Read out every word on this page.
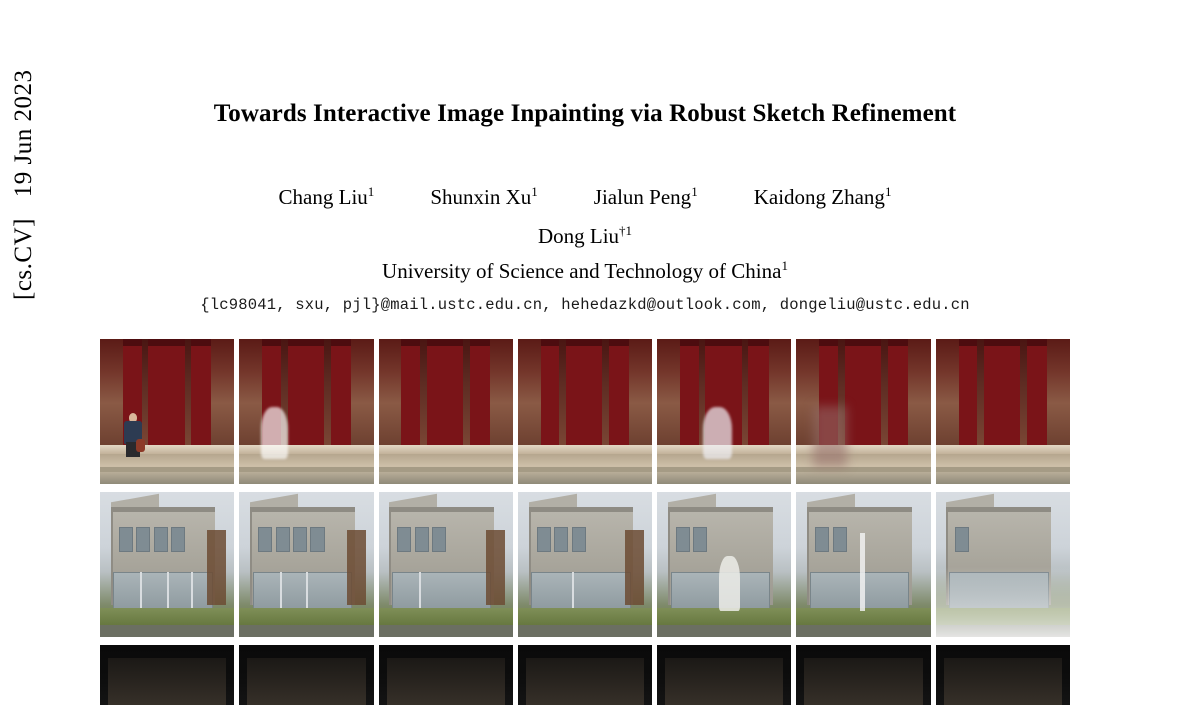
[cs.CV] 19 Jun 2023	Towards Interactive Image Inpainting via Robust Sketch Refinement
Chang Liu$^1$	Shunxin Xu$^1$	Jialun Peng$^1$	Kaidong Zhang$^1$
Dong Liu$^{\dagger 1}$
University of Science and Technology of China$^1$
{lc98041, sxu, pjl}@mail.ustc.edu.cn, hehedazkd@outlook.com, dongeliu@ustc.edu.cn
